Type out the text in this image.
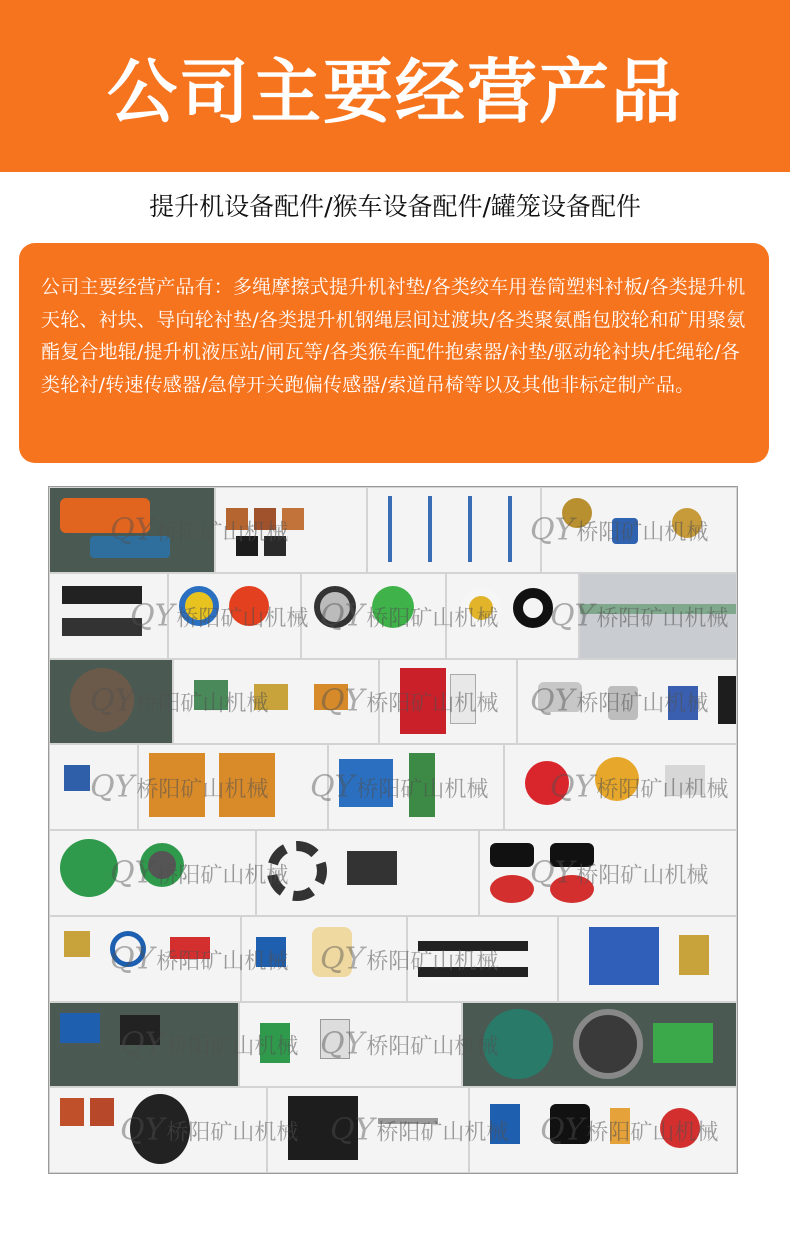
公司主要经营产品
提升机设备配件/猴车设备配件/罐笼设备配件

公司主要经营产品有：多绳摩擦式提升机衬垫/各类绞车用卷筒塑料衬板/各类提升机天轮、衬块、导向轮衬垫/各类提升机钢绳层间过渡块/各类聚氨酯包胶轮和矿用聚氨酯复合地辊/提升机液压站/闸瓦等/各类猴车配件抱索器/衬垫/驱动轮衬块/托绳轮/各类轮衬/转速传感器/急停开关跑偏传感器/索道吊椅等以及其他非标定制产品。

QY桥阳矿山机械	QY桥阳矿山机械
QY桥阳矿山机械 QY桥阳矿山机械 QY桥阳矿山机械
QY桥阳矿山机械 QY桥阳矿山机械 QY桥阳矿山机械
QY桥阳矿山机械 QY桥阳矿山机械 QY桥阳矿山机械
QY桥阳矿山机械	QY桥阳矿山机械
QY桥阳矿山机械 QY桥阳矿山机械
QY桥阳矿山机械 QY桥阳矿山机械
QY桥阳矿山机械 QY桥阳矿山机械 QY桥阳矿山机械
